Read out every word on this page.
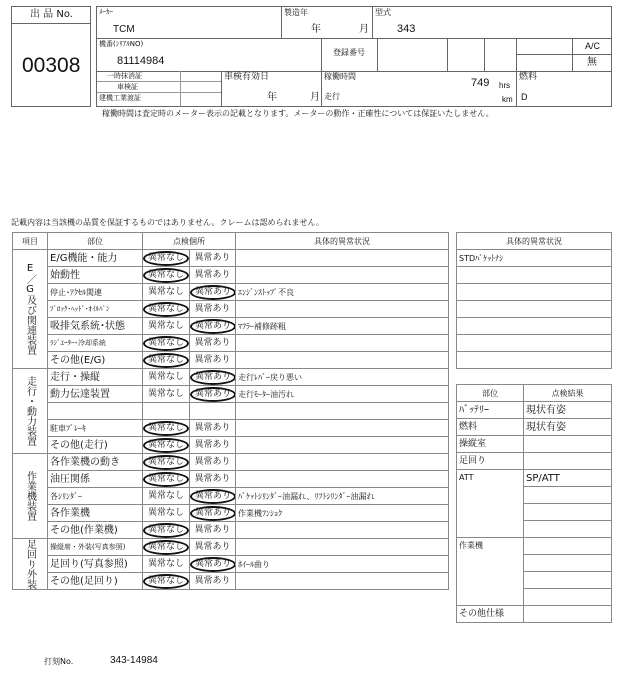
出 品 No.
00308
ﾒｰｶｰ
TCM
製造年
年	月
型式
343
機番(ｼﾘｱﾙNO)
81114984
登録番号
A/C
無
一時抹消証
車検証
建機工業渡証
車検有効日
年	月
稼働時間
749 hrs
走行	km
燃料
D
稼働時間は査定時のメーター表示の記載となります。メーターの動作・正確性については保証いたしません。
記載内容は当該機の品質を保証するものではありません。クレームは認められません。
項目	部位	点検個所		具体的異常状況

E／G及び関連装置	E/G機能・能力	異常なし	異常あり	
	始動性	異常なし	異常あり	
	停止･ｱｸｾﾙ関連	異常なし	異常あり	ｴﾝｼﾞﾝｽﾄｯﾌﾟ不良
	ﾌﾞﾛｯｸ･ﾍｯﾄﾞ･ｵｲﾙﾊﾟﾝ	異常なし	異常あり	
	吸排気系統･状態	異常なし	異常あり	ﾏﾌﾗｰ補修跡粗
	ﾗｼﾞｴｰﾀｰ･冷却系統	異常なし	異常あり	
	その他(E/G)	異常なし	異常あり	

走行・動力装置	走行・操縦	異常なし	異常あり	走行ﾚﾊﾞｰ戻り悪い
	動力伝達装置	異常なし	異常あり	走行ﾓｰﾀｰ油汚れ

	駐車ﾌﾞﾚｰｷ	異常なし	異常あり	
	その他(走行)	異常なし	異常あり	

作業機装置	各作業機の動き	異常なし	異常あり	
	油圧関係	異常なし	異常あり	
	各ｼﾘﾝﾀﾞｰ	異常なし	異常あり	ﾊﾞｹｯﾄｼﾘﾝﾀﾞｰ油漏れ、ﾘﾌﾄｼﾘﾝﾀﾞｰ油漏れ
	各作業機	異常なし	異常あり	作業機ﾌﾝｼｮｸ
	その他(作業機)	異常なし	異常あり	

足回り外装	操縦席・外装(写真参照)	異常なし	異常あり	
	足回り(写真参照)	異常なし	異常あり	ﾎｲｰﾙ曲り
	その他(足回り)	異常なし	異常あり	
具体的異常状況
STDﾊﾞｹｯﾄﾅｼ

部位	点検結果
ﾊﾞｯﾃﾘｰ	現状有姿
燃料	現状有姿
操縦室	
足回り	
ATT	SP/ATT

作業機	

その他仕様	
打刻No.	343-14984
